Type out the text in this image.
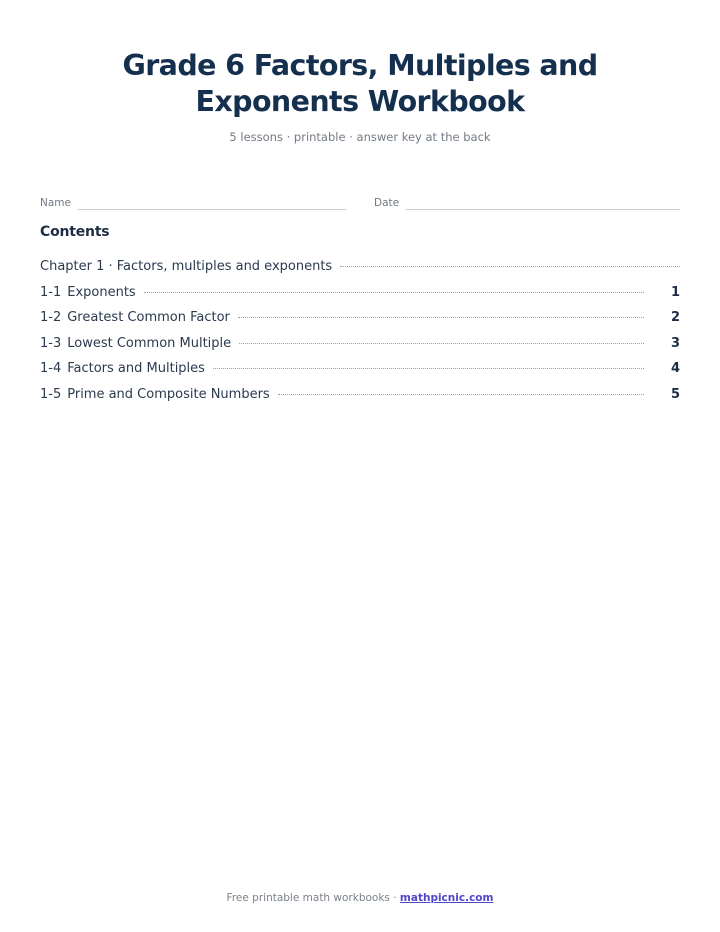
Grade 6 Factors, Multiples and Exponents Workbook
5 lessons · printable · answer key at the back
Name	Date
Contents
Chapter 1 · Factors, multiples and exponents
1-1 Exponents	1
1-2 Greatest Common Factor	2
1-3 Lowest Common Multiple	3
1-4 Factors and Multiples	4
1-5 Prime and Composite Numbers	5
Free printable math workbooks · mathpicnic.com
